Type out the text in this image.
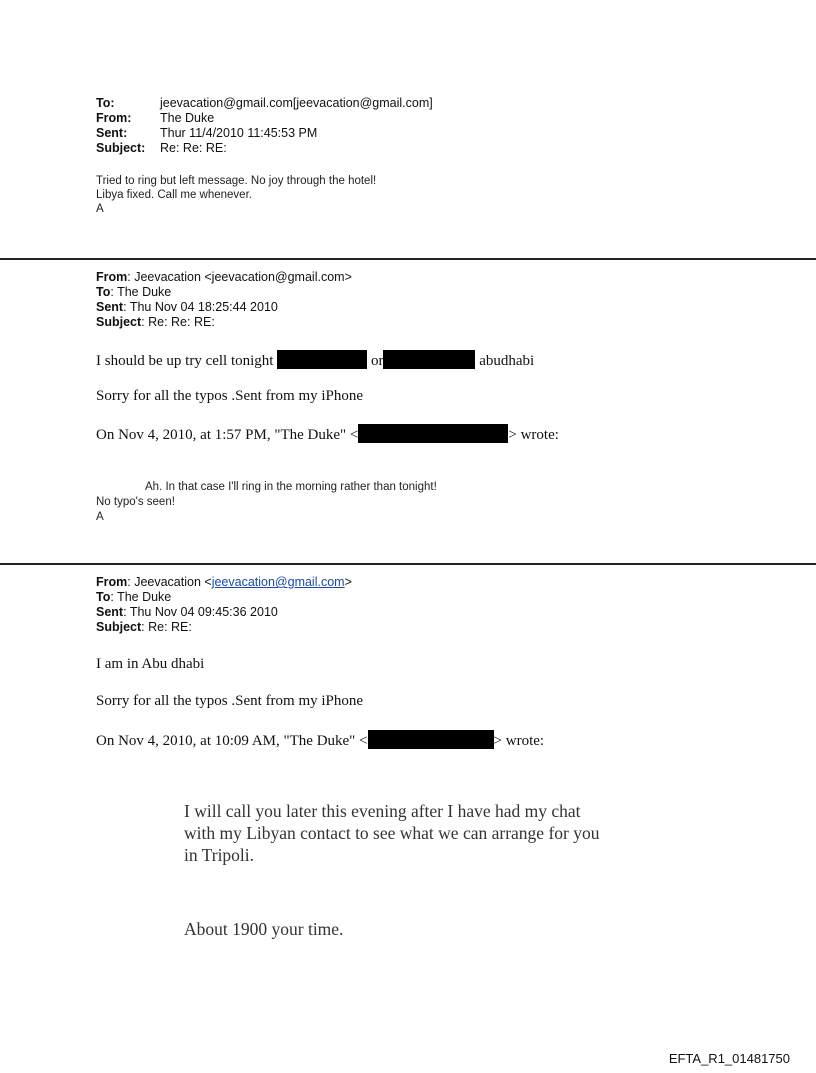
To:	jeevacation@gmail.com[jeevacation@gmail.com]
From:	The Duke
Sent:	Thur 11/4/2010 11:45:53 PM
Subject:	Re: Re: RE:
Tried to ring but left message. No joy through the hotel!
Libya fixed. Call me whenever.
A
From: Jeevacation <jeevacation@gmail.com>
To: The Duke
Sent: Thu Nov 04 18:25:44 2010
Subject: Re: Re: RE:
I should be up try cell tonight	or	abudhabi
Sorry for all the typos .Sent from my iPhone
On Nov 4, 2010, at 1:57 PM, "The Duke" <	> wrote:
Ah. In that case I'll ring in the morning rather than tonight!
No typo's seen!
A
From: Jeevacation <jeevacation@gmail.com>
To: The Duke
Sent: Thu Nov 04 09:45:36 2010
Subject: Re: RE:
I am in Abu dhabi
Sorry for all the typos .Sent from my iPhone
On Nov 4, 2010, at 10:09 AM, "The Duke" <	> wrote:
I will call you later this evening after I have had my chat
with my Libyan contact to see what we can arrange for you
in Tripoli.
About 1900 your time.
EFTA_R1_01481750
